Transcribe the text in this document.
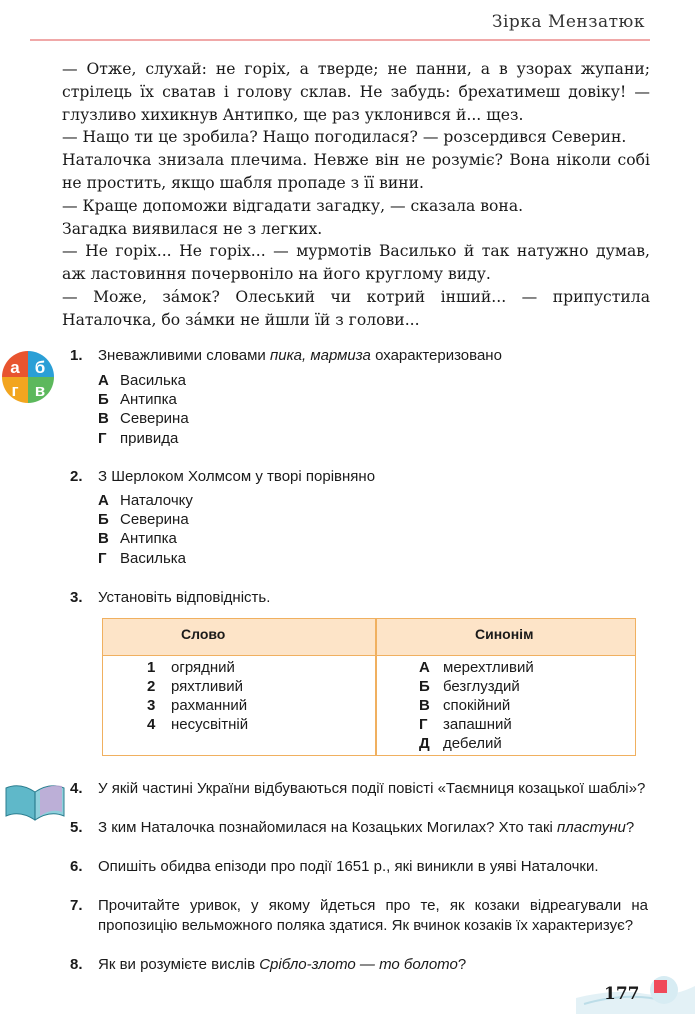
Зірка Мензатюк

— Отже, слухай: не горіх, а тверде; не панни, а в узорах жупани; стрілець їх сватав і голову склав. Не забудь: брехатимеш довіку! — глузливо хихикнув Антипко, ще раз уклонився й... щез.

— Нащо ти це зробила? Нащо погодилася? — розсердився Северин.

Наталочка знизала плечима. Невже він не розуміє? Вона ніколи собі не простить, якщо шабля пропаде з її вини.

— Краще допоможи відгадати загадку, — сказала вона.

Загадка виявилася не з легких.

— Не горіх... Не горіх... — мурмотів Василько й так натужно думав, аж ластовиння почервоніло на його круглому виду.

— Може, за́мок? Олеський чи котрий інший... — припустила Наталочка, бо за́мки не йшли їй з голови...

а б
г в
1. Зневажливими словами пика, мармиза охарактеризовано
А Василька
Б Антипка
В Северина
Г привида
2. З Шерлоком Холмсом у творі порівняно
А Наталочку
Б Северина
В Антипка
Г Василька
3. Установіть відповідність.
Слово	Синонім
1 огрядний
2 ряхтливий
3 рахманний
4 несусвітній
А мерехтливий
Б безглуздий
В спокійний
Г запашний
Д дебелий
4. У якій частині України відбуваються події повісті «Таємниця козацької шаблі»?
5. З ким Наталочка познайомилася на Козацьких Могилах? Хто такі пластуни?
6. Опишіть обидва епізоди про події 1651 р., які виникли в уяві Наталочки.
7. Прочитайте уривок, у якому йдеться про те, як козаки відреагували на пропозицію вельможного поляка здатися. Як вчинок козаків їх характеризує?
8. Як ви розумієте вислів Срібло-злото — то болото?
177
